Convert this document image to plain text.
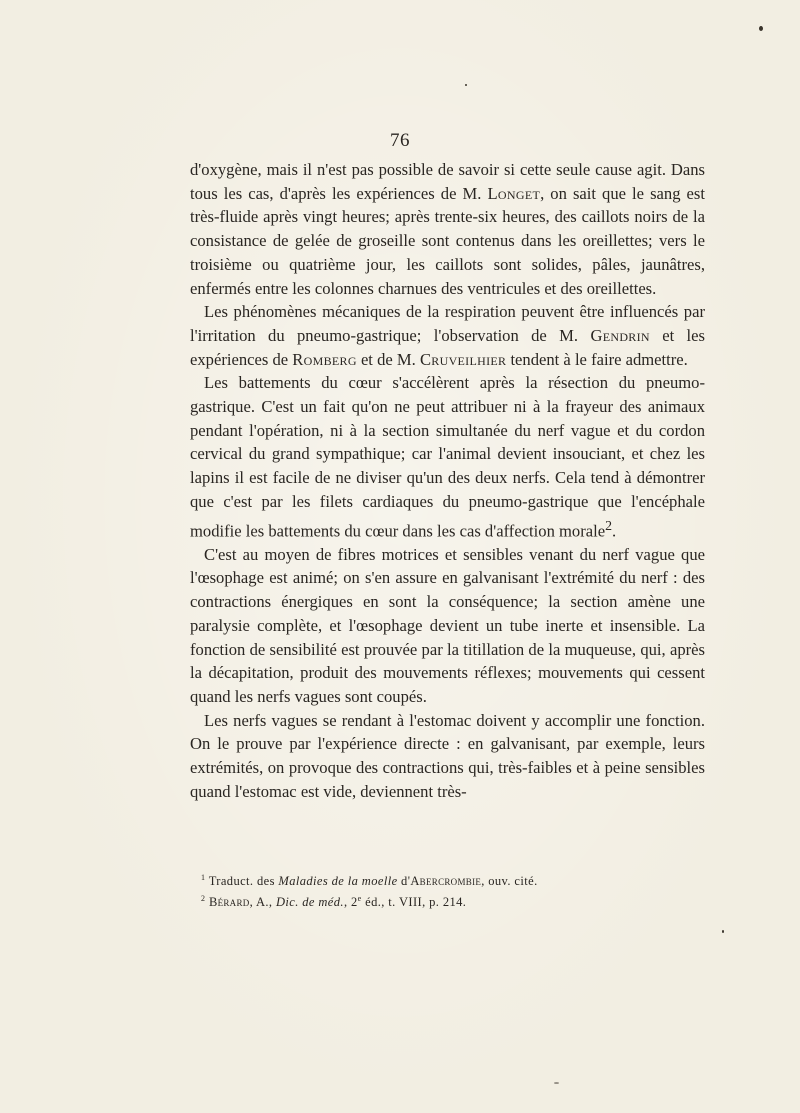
76

d'oxygène, mais il n'est pas possible de savoir si cette seule cause agit. Dans tous les cas, d'après les expériences de M. Longet, on sait que le sang est très-fluide après vingt heures; après trente-six heures, des caillots noirs de la consistance de gelée de groseille sont contenus dans les oreillettes; vers le troisième ou quatrième jour, les caillots sont solides, pâles, jaunâtres, enfermés entre les colonnes charnues des ventricules et des oreillettes.

Les phénomènes mécaniques de la respiration peuvent être influencés par l'irritation du pneumo-gastrique; l'observation de M. Gendrin et les expériences de Romberg et de M. Cruveilhier tendent à le faire admettre.

Les battements du cœur s'accélèrent après la résection du pneumo-gastrique. C'est un fait qu'on ne peut attribuer ni à la frayeur des animaux pendant l'opération, ni à la section simultanée du nerf vague et du cordon cervical du grand sympathique; car l'animal devient insouciant, et chez les lapins il est facile de ne diviser qu'un des deux nerfs. Cela tend à démontrer que c'est par les filets cardiaques du pneumo-gastrique que l'encéphale modifie les battements du cœur dans les cas d'affection morale$^2$.

C'est au moyen de fibres motrices et sensibles venant du nerf vague que l'œsophage est animé; on s'en assure en galvanisant l'extrémité du nerf : des contractions énergiques en sont la conséquence; la section amène une paralysie complète, et l'œsophage devient un tube inerte et insensible. La fonction de sensibilité est prouvée par la titillation de la muqueuse, qui, après la décapitation, produit des mouvements réflexes; mouvements qui cessent quand les nerfs vagues sont coupés.

Les nerfs vagues se rendant à l'estomac doivent y accomplir une fonction. On le prouve par l'expérience directe : en galvanisant, par exemple, leurs extrémités, on provoque des contractions qui, très-faibles et à peine sensibles quand l'estomac est vide, deviennent très-

$^1$ Traduct. des Maladies de la moelle d'Abercrombie, ouv. cité.

$^2$ Bérard, A., Dic. de méd., 2e éd., t. VIII, p. 214.
